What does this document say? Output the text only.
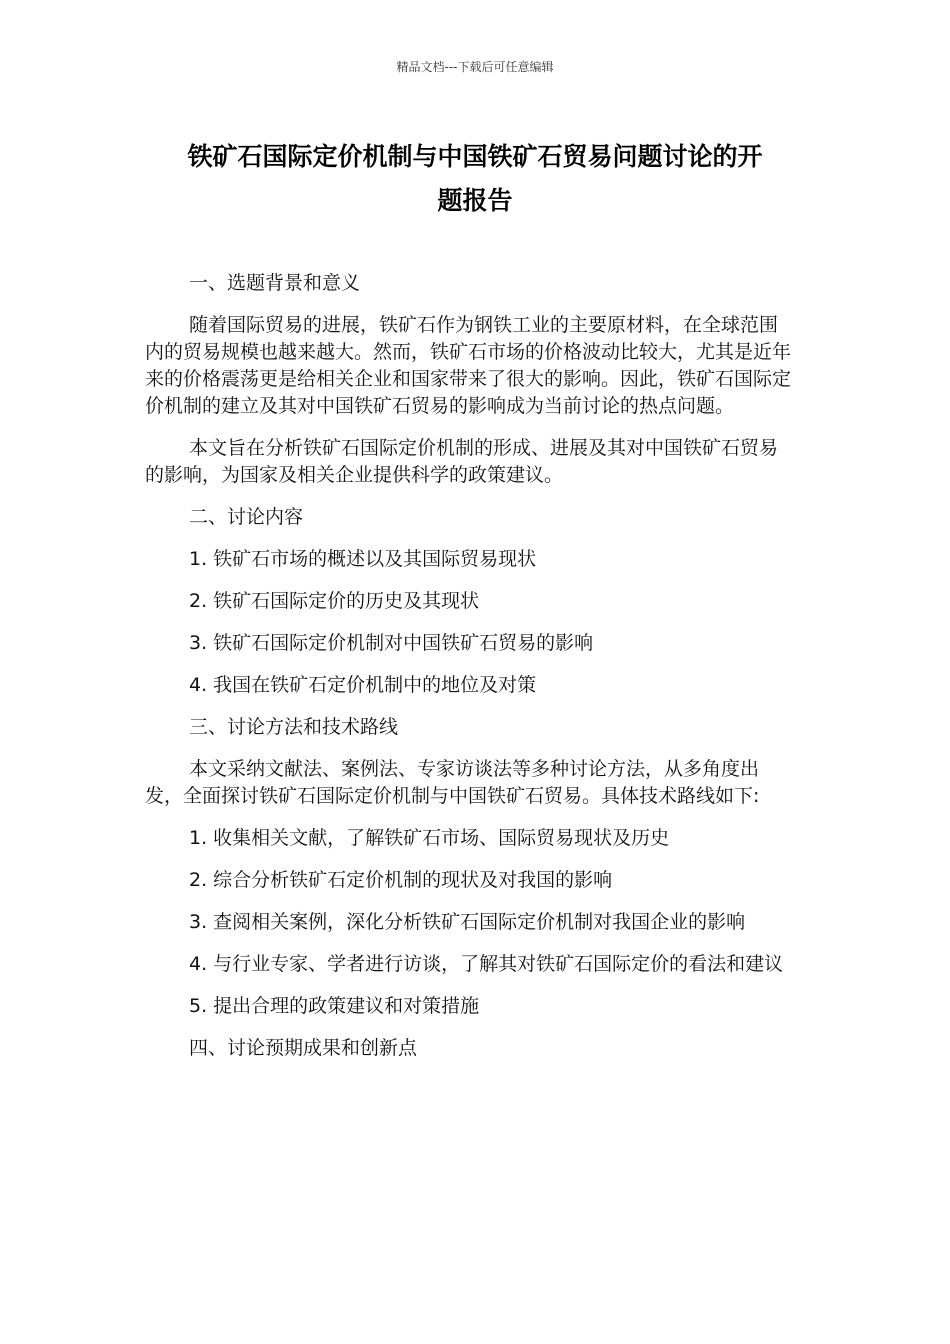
精品文档---下载后可任意编辑
铁矿石国际定价机制与中国铁矿石贸易问题讨论的开
题报告

一、选题背景和意义

随着国际贸易的进展，铁矿石作为钢铁工业的主要原材料，在全球范围内的贸易规模也越来越大。然而，铁矿石市场的价格波动比较大，尤其是近年来的价格震荡更是给相关企业和国家带来了很大的影响。因此，铁矿石国际定价机制的建立及其对中国铁矿石贸易的影响成为当前讨论的热点问题。

本文旨在分析铁矿石国际定价机制的形成、进展及其对中国铁矿石贸易的影响，为国家及相关企业提供科学的政策建议。

二、讨论内容

1. 铁矿石市场的概述以及其国际贸易现状

2. 铁矿石国际定价的历史及其现状

3. 铁矿石国际定价机制对中国铁矿石贸易的影响

4. 我国在铁矿石定价机制中的地位及对策

三、讨论方法和技术路线

本文采纳文献法、案例法、专家访谈法等多种讨论方法，从多角度出发，全面探讨铁矿石国际定价机制与中国铁矿石贸易。具体技术路线如下:

1. 收集相关文献，了解铁矿石市场、国际贸易现状及历史

2. 综合分析铁矿石定价机制的现状及对我国的影响

3. 查阅相关案例，深化分析铁矿石国际定价机制对我国企业的影响

4. 与行业专家、学者进行访谈，了解其对铁矿石国际定价的看法和建议

5. 提出合理的政策建议和对策措施

四、讨论预期成果和创新点
